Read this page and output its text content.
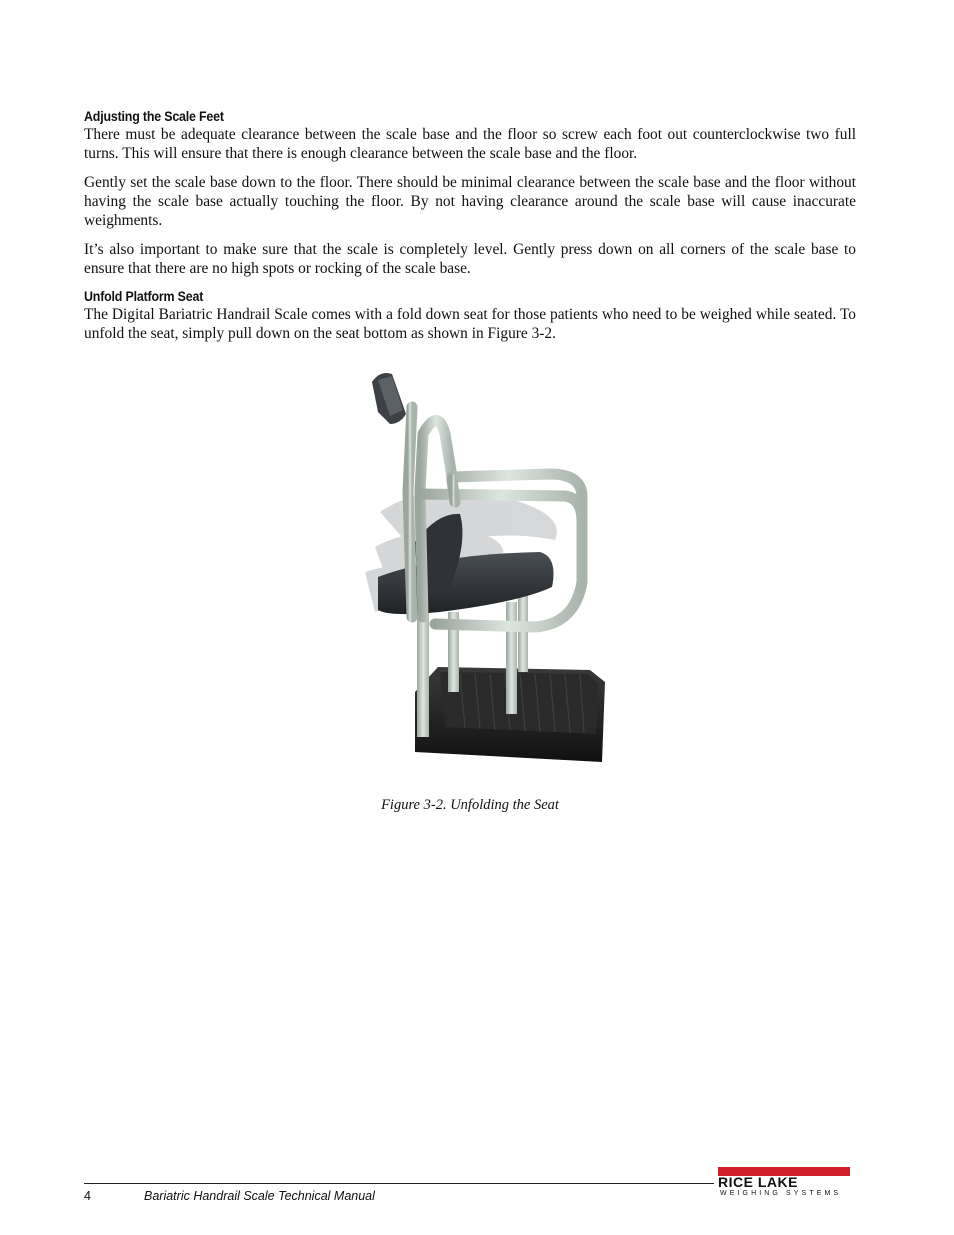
Adjusting the Scale Feet

There must be adequate clearance between the scale base and the floor so screw each foot out counterclockwise two full turns. This will ensure that there is enough clearance between the scale base and the floor.

Gently set the scale base down to the floor. There should be minimal clearance between the scale base and the floor without having the scale base actually touching the floor. By not having clearance around the scale base will cause inaccurate weighments.

It’s also important to make sure that the scale is completely level. Gently press down on all corners of the scale base to ensure that there are no high spots or rocking of the scale base.

Unfold Platform Seat

The Digital Bariatric Handrail Scale comes with a fold down seat for those patients who need to be weighed while seated. To unfold the seat, simply pull down on the seat bottom as shown in Figure 3-2.

Figure 3-2. Unfolding the Seat
4	Bariatric Handrail Scale Technical Manual
RICE LAKE
WEIGHING SYSTEMS
